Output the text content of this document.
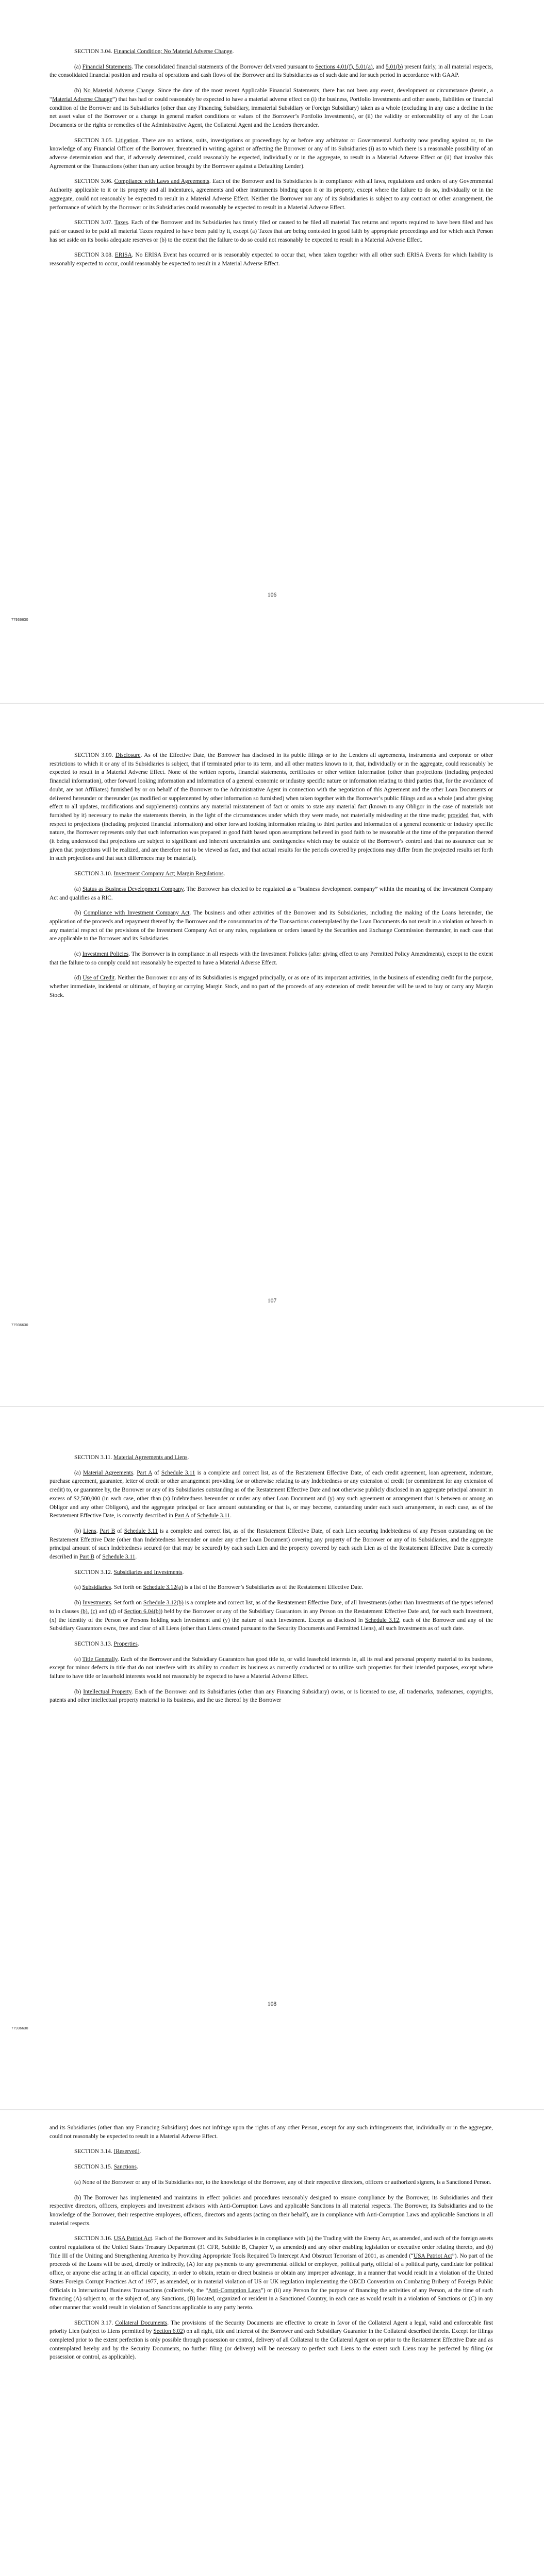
SECTION 3.04. Financial Condition; No Material Adverse Change.

(a) Financial Statements. The consolidated financial statements of the Borrower delivered pursuant to Sections 4.01(f), 5.01(a), and 5.01(b) present fairly, in all material respects, the consolidated financial position and results of operations and cash flows of the Borrower and its Subsidiaries as of such date and for such period in accordance with GAAP.

(b) No Material Adverse Change. Since the date of the most recent Applicable Financial Statements, there has not been any event, development or circumstance (herein, a “Material Adverse Change”) that has had or could reasonably be expected to have a material adverse effect on (i) the business, Portfolio Investments and other assets, liabilities or financial condition of the Borrower and its Subsidiaries (other than any Financing Subsidiary, immaterial Subsidiary or Foreign Subsidiary) taken as a whole (excluding in any case a decline in the net asset value of the Borrower or a change in general market conditions or values of the Borrower’s Portfolio Investments), or (ii) the validity or enforceability of any of the Loan Documents or the rights or remedies of the Administrative Agent, the Collateral Agent and the Lenders thereunder.

SECTION 3.05. Litigation. There are no actions, suits, investigations or proceedings by or before any arbitrator or Governmental Authority now pending against or, to the knowledge of any Financial Officer of the Borrower, threatened in writing against or affecting the Borrower or any of its Subsidiaries (i) as to which there is a reasonable possibility of an adverse determination and that, if adversely determined, could reasonably be expected, individually or in the aggregate, to result in a Material Adverse Effect or (ii) that involve this Agreement or the Transactions (other than any action brought by the Borrower against a Defaulting Lender).

SECTION 3.06. Compliance with Laws and Agreements. Each of the Borrower and its Subsidiaries is in compliance with all laws, regulations and orders of any Governmental Authority applicable to it or its property and all indentures, agreements and other instruments binding upon it or its property, except where the failure to do so, individually or in the aggregate, could not reasonably be expected to result in a Material Adverse Effect. Neither the Borrower nor any of its Subsidiaries is subject to any contract or other arrangement, the performance of which by the Borrower or its Subsidiaries could reasonably be expected to result in a Material Adverse Effect.

SECTION 3.07. Taxes. Each of the Borrower and its Subsidiaries has timely filed or caused to be filed all material Tax returns and reports required to have been filed and has paid or caused to be paid all material Taxes required to have been paid by it, except (a) Taxes that are being contested in good faith by appropriate proceedings and for which such Person has set aside on its books adequate reserves or (b) to the extent that the failure to do so could not reasonably be expected to result in a Material Adverse Effect.

SECTION 3.08. ERISA. No ERISA Event has occurred or is reasonably expected to occur that, when taken together with all other such ERISA Events for which liability is reasonably expected to occur, could reasonably be expected to result in a Material Adverse Effect.

106
77936630

SECTION 3.09. Disclosure. As of the Effective Date, the Borrower has disclosed in its public filings or to the Lenders all agreements, instruments and corporate or other restrictions to which it or any of its Subsidiaries is subject, that if terminated prior to its term, and all other matters known to it, that, individually or in the aggregate, could reasonably be expected to result in a Material Adverse Effect. None of the written reports, financial statements, certificates or other written information (other than projections (including projected financial information), other forward looking information and information of a general economic or industry specific nature or information relating to third parties that, for the avoidance of doubt, are not Affiliates) furnished by or on behalf of the Borrower to the Administrative Agent in connection with the negotiation of this Agreement and the other Loan Documents or delivered hereunder or thereunder (as modified or supplemented by other information so furnished) when taken together with the Borrower’s public filings and as a whole (and after giving effect to all updates, modifications and supplements) contains any material misstatement of fact or omits to state any material fact (known to any Obligor in the case of materials not furnished by it) necessary to make the statements therein, in the light of the circumstances under which they were made, not materially misleading at the time made; provided that, with respect to projections (including projected financial information) and other forward looking information relating to third parties and information of a general economic or industry specific nature, the Borrower represents only that such information was prepared in good faith based upon assumptions believed in good faith to be reasonable at the time of the preparation thereof (it being understood that projections are subject to significant and inherent uncertainties and contingencies which may be outside of the Borrower’s control and that no assurance can be given that projections will be realized, and are therefore not to be viewed as fact, and that actual results for the periods covered by projections may differ from the projected results set forth in such projections and that such differences may be material).

SECTION 3.10. Investment Company Act; Margin Regulations.

(a) Status as Business Development Company. The Borrower has elected to be regulated as a “business development company” within the meaning of the Investment Company Act and qualifies as a RIC.

(b) Compliance with Investment Company Act. The business and other activities of the Borrower and its Subsidiaries, including the making of the Loans hereunder, the application of the proceeds and repayment thereof by the Borrower and the consummation of the Transactions contemplated by the Loan Documents do not result in a violation or breach in any material respect of the provisions of the Investment Company Act or any rules, regulations or orders issued by the Securities and Exchange Commission thereunder, in each case that are applicable to the Borrower and its Subsidiaries.

(c) Investment Policies. The Borrower is in compliance in all respects with the Investment Policies (after giving effect to any Permitted Policy Amendments), except to the extent that the failure to so comply could not reasonably be expected to have a Material Adverse Effect.

(d) Use of Credit. Neither the Borrower nor any of its Subsidiaries is engaged principally, or as one of its important activities, in the business of extending credit for the purpose, whether immediate, incidental or ultimate, of buying or carrying Margin Stock, and no part of the proceeds of any extension of credit hereunder will be used to buy or carry any Margin Stock.

107
77936630

SECTION 3.11. Material Agreements and Liens.

(a) Material Agreements. Part A of Schedule 3.11 is a complete and correct list, as of the Restatement Effective Date, of each credit agreement, loan agreement, indenture, purchase agreement, guarantee, letter of credit or other arrangement providing for or otherwise relating to any Indebtedness or any extension of credit (or commitment for any extension of credit) to, or guarantee by, the Borrower or any of its Subsidiaries outstanding as of the Restatement Effective Date and not otherwise publicly disclosed in an aggregate principal amount in excess of $2,500,000 (in each case, other than (x) Indebtedness hereunder or under any other Loan Document and (y) any such agreement or arrangement that is between or among an Obligor and any other Obligors), and the aggregate principal or face amount outstanding or that is, or may become, outstanding under each such arrangement, in each case, as of the Restatement Effective Date, is correctly described in Part A of Schedule 3.11.

(b) Liens. Part B of Schedule 3.11 is a complete and correct list, as of the Restatement Effective Date, of each Lien securing Indebtedness of any Person outstanding on the Restatement Effective Date (other than Indebtedness hereunder or under any other Loan Document) covering any property of the Borrower or any of its Subsidiaries, and the aggregate principal amount of such Indebtedness secured (or that may be secured) by each such Lien and the property covered by each such Lien as of the Restatement Effective Date is correctly described in Part B of Schedule 3.11.

SECTION 3.12. Subsidiaries and Investments.

(a) Subsidiaries. Set forth on Schedule 3.12(a) is a list of the Borrower’s Subsidiaries as of the Restatement Effective Date.

(b) Investments. Set forth on Schedule 3.12(b) is a complete and correct list, as of the Restatement Effective Date, of all Investments (other than Investments of the types referred to in clauses (b), (c) and (d) of Section 6.04(b)) held by the Borrower or any of the Subsidiary Guarantors in any Person on the Restatement Effective Date and, for each such Investment, (x) the identity of the Person or Persons holding such Investment and (y) the nature of such Investment. Except as disclosed in Schedule 3.12, each of the Borrower and any of the Subsidiary Guarantors owns, free and clear of all Liens (other than Liens created pursuant to the Security Documents and Permitted Liens), all such Investments as of such date.

SECTION 3.13. Properties.

(a) Title Generally. Each of the Borrower and the Subsidiary Guarantors has good title to, or valid leasehold interests in, all its real and personal property material to its business, except for minor defects in title that do not interfere with its ability to conduct its business as currently conducted or to utilize such properties for their intended purposes, except where failure to have title or leasehold interests would not reasonably be expected to have a Material Adverse Effect.

(b) Intellectual Property. Each of the Borrower and its Subsidiaries (other than any Financing Subsidiary) owns, or is licensed to use, all trademarks, tradenames, copyrights, patents and other intellectual property material to its business, and the use thereof by the Borrower

108
77936630

and its Subsidiaries (other than any Financing Subsidiary) does not infringe upon the rights of any other Person, except for any such infringements that, individually or in the aggregate, could not reasonably be expected to result in a Material Adverse Effect.

SECTION 3.14. [Reserved].

SECTION 3.15. Sanctions.

(a) None of the Borrower or any of its Subsidiaries nor, to the knowledge of the Borrower, any of their respective directors, officers or authorized signers, is a Sanctioned Person.

(b) The Borrower has implemented and maintains in effect policies and procedures reasonably designed to ensure compliance by the Borrower, its Subsidiaries and their respective directors, officers, employees and investment advisors with Anti-Corruption Laws and applicable Sanctions in all material respects. The Borrower, its Subsidiaries and to the knowledge of the Borrower, their respective employees, officers, directors and agents (acting on their behalf), are in compliance with Anti-Corruption Laws and applicable Sanctions in all material respects.

SECTION 3.16. USA Patriot Act. Each of the Borrower and its Subsidiaries is in compliance with (a) the Trading with the Enemy Act, as amended, and each of the foreign assets control regulations of the United States Treasury Department (31 CFR, Subtitle B, Chapter V, as amended) and any other enabling legislation or executive order relating thereto, and (b) Title III of the Uniting and Strengthening America by Providing Appropriate Tools Required To Intercept And Obstruct Terrorism of 2001, as amended (“USA Patriot Act”). No part of the proceeds of the Loans will be used, directly or indirectly, (A) for any payments to any governmental official or employee, political party, official of a political party, candidate for political office, or anyone else acting in an official capacity, in order to obtain, retain or direct business or obtain any improper advantage, in a manner that would result in a violation of the United States Foreign Corrupt Practices Act of 1977, as amended, or in material violation of US or UK regulation implementing the OECD Convention on Combating Bribery of Foreign Public Officials in International Business Transactions (collectively, the “Anti-Corruption Laws”) or (ii) any Person for the purpose of financing the activities of any Person, at the time of such financing (A) subject to, or the subject of, any Sanctions, (B) located, organized or resident in a Sanctioned Country, in each case as would result in a violation of Sanctions or (C) in any other manner that would result in violation of Sanctions applicable to any party hereto.

SECTION 3.17. Collateral Documents. The provisions of the Security Documents are effective to create in favor of the Collateral Agent a legal, valid and enforceable first priority Lien (subject to Liens permitted by Section 6.02) on all right, title and interest of the Borrower and each Subsidiary Guarantor in the Collateral described therein. Except for filings completed prior to the extent perfection is only possible through possession or control, delivery of all Collateral to the Collateral Agent on or prior to the Restatement Effective Date and as contemplated hereby and by the Security Documents, no further filing (or delivery) will be necessary to perfect such Liens to the extent such Liens may be perfected by filing (or possession or control, as applicable).
